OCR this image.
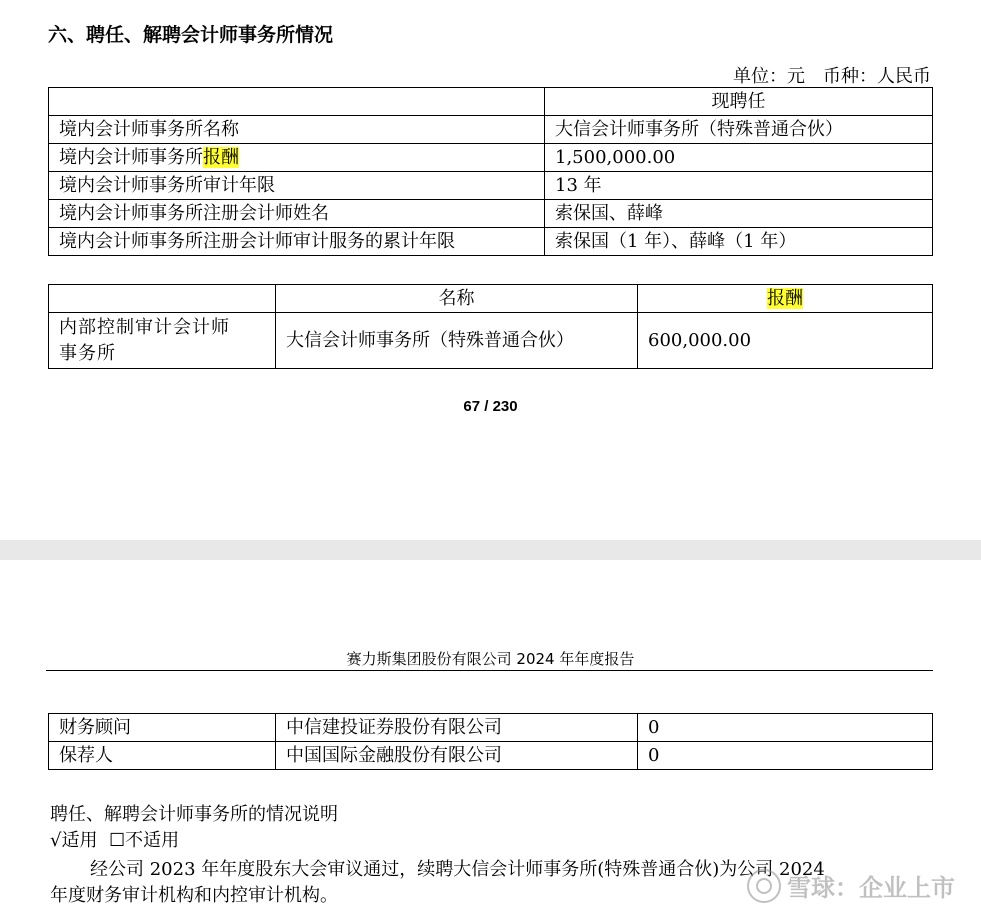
六、聘任、解聘会计师事务所情况
单位：元　币种：人民币
	现聘任
境内会计师事务所名称	大信会计师事务所（特殊普通合伙）
境内会计师事务所报酬	1,500,000.00
境内会计师事务所审计年限	13 年
境内会计师事务所注册会计师姓名	索保国、薛峰
境内会计师事务所注册会计师审计服务的累计年限	索保国（1 年）、薛峰（1 年）
	名称	报酬
内部控制审计会计师
事务所	大信会计师事务所（特殊普通合伙）	600,000.00
67 / 230
赛力斯集团股份有限公司 2024 年年度报告
财务顾问	中信建投证券股份有限公司	0
保荐人	中国国际金融股份有限公司	0
聘任、解聘会计师事务所的情况说明
√适用 ☐不适用
经公司 2023 年年度股东大会审议通过，续聘大信会计师事务所(特殊普通合伙)为公司 2024
年度财务审计机构和内控审计机构。	雪球：企业上市
